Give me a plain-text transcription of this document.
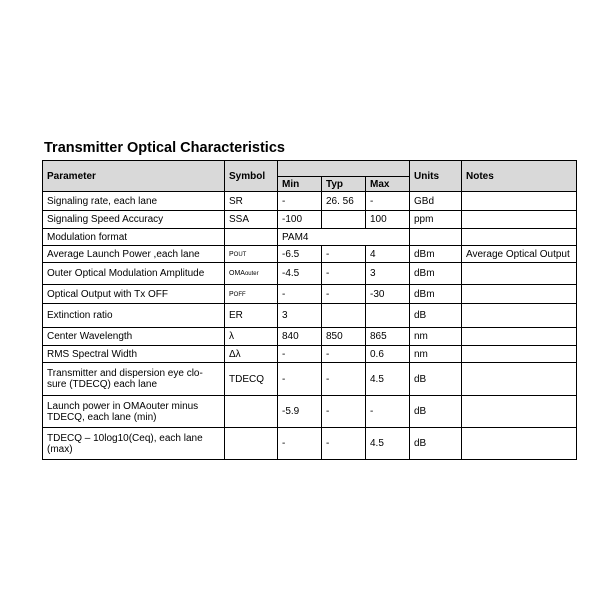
Transmitter Optical Characteristics
Parameter	Symbol				Units	Notes
		Min	Typ	Max		
Signaling rate, each lane	SR	-	26. 56	-	GBd	
Signaling Speed Accuracy	SSA	-100		100	ppm	
Modulation format		PAM4				
Average Launch Power ,each lane	POUT	-6.5	-	4	dBm	Average Optical Output
Outer Optical Modulation Amplitude	OMAouter	-4.5	-	3	dBm	
Optical Output with Tx OFF	POFF	-	-	-30	dBm	
Extinction ratio	ER	3			dB	
Center Wavelength	λ	840	850	865	nm	
RMS Spectral Width	Δλ	-	-	0.6	nm	
Transmitter and dispersion eye clo-sure (TDECQ) each lane	TDECQ	-	-	4.5	dB	
Launch power in OMAouter minus TDECQ, each lane (min)		-5.9	-	-	dB	
TDECQ – 10log10(Ceq), each lane (max)		-	-	4.5	dB	
